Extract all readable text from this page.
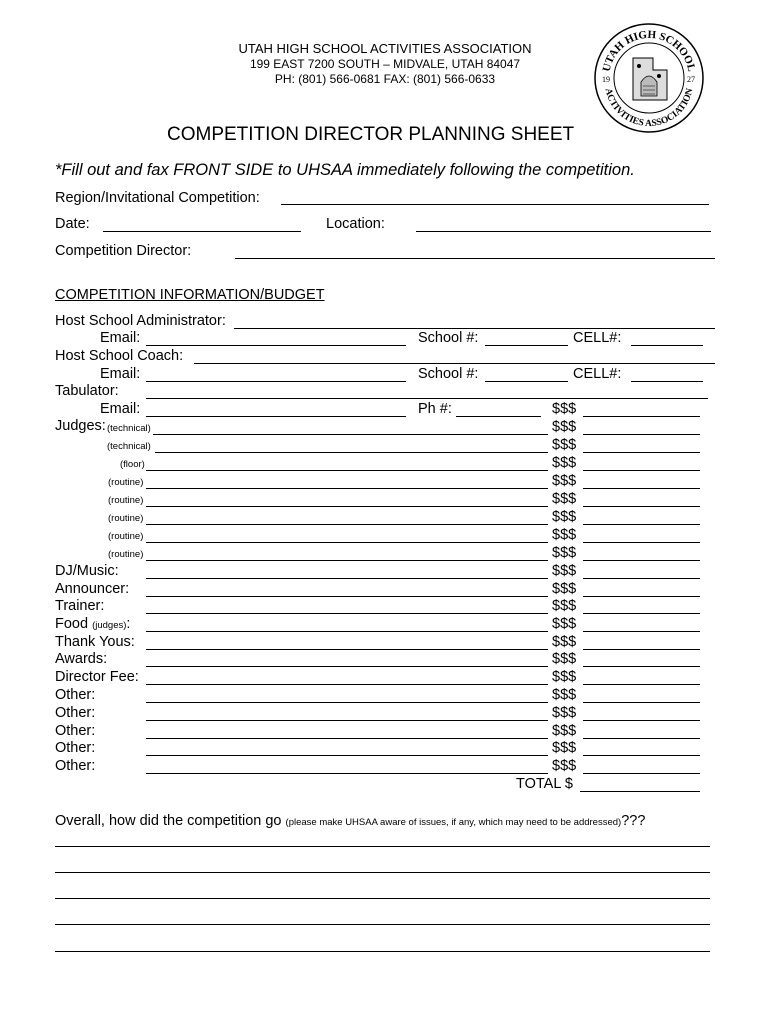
UTAH HIGH SCHOOL ACTIVITIES ASSOCIATION
199 EAST 7200 SOUTH – MIDVALE, UTAH 84047
PH: (801) 566-0681 FAX: (801) 566-0633
UTAH HIGH SCHOOL
ACTIVITIES ASSOCIATION
19	27
COMPETITION DIRECTOR PLANNING SHEET
*Fill out and fax FRONT SIDE to UHSAA immediately following the competition.
Region/Invitational Competition:
Date:	Location:
Competition Director:
COMPETITION INFORMATION/BUDGET
Host School Administrator:
Email:	School #:	CELL#:
Host School Coach:
Email:	School #:	CELL#:
Tabulator:
Email:	Ph #:	$$$
Judges: (technical)	$$$
(technical)	$$$
(floor)	$$$
(routine)	$$$
(routine)	$$$
(routine)	$$$
(routine)	$$$
(routine)	$$$
DJ/Music:	$$$
Announcer:	$$$
Trainer:	$$$
Food (judges):	$$$
Thank Yous:	$$$
Awards:	$$$
Director Fee:	$$$
Other:	$$$
Other:	$$$
Other:	$$$
Other:	$$$
Other:	$$$
TOTAL $
Overall, how did the competition go (please make UHSAA aware of issues, if any, which may need to be addressed)???
